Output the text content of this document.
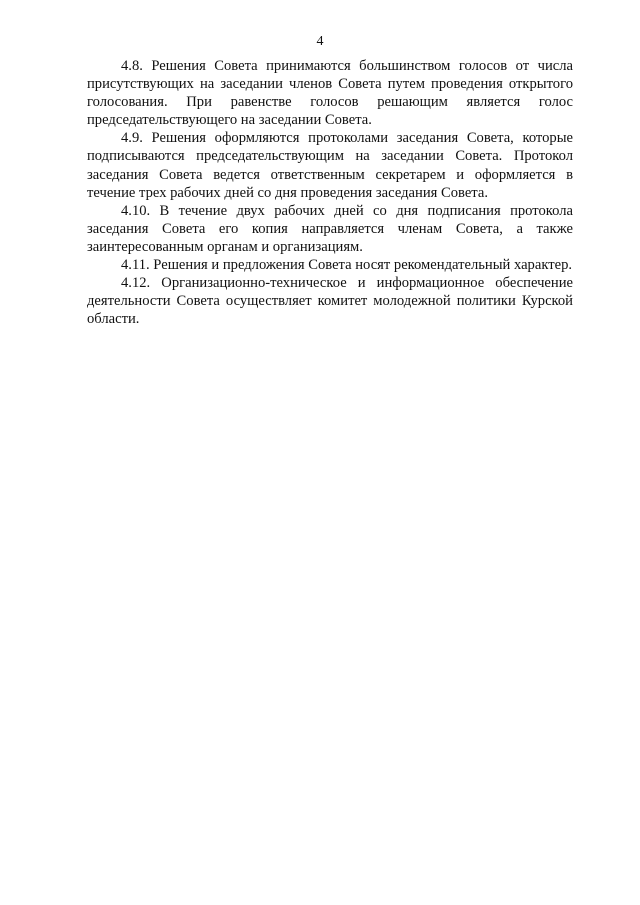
4

4.8. Решения Совета принимаются большинством голосов от числа присутствующих на заседании членов Совета путем проведения открытого голосования. При равенстве голосов решающим является голос председательствующего на заседании Совета.

4.9. Решения оформляются протоколами заседания Совета, которые подписываются председательствующим на заседании Совета. Протокол заседания Совета ведется ответственным секретарем и оформляется в течение трех рабочих дней со дня проведения заседания Совета.

4.10. В течение двух рабочих дней со дня подписания протокола заседания Совета его копия направляется членам Совета, а также заинтересованным органам и организациям.

4.11. Решения и предложения Совета носят рекомендательный характер.

4.12. Организационно-техническое и информационное обеспечение деятельности Совета осуществляет комитет молодежной политики Курской области.
